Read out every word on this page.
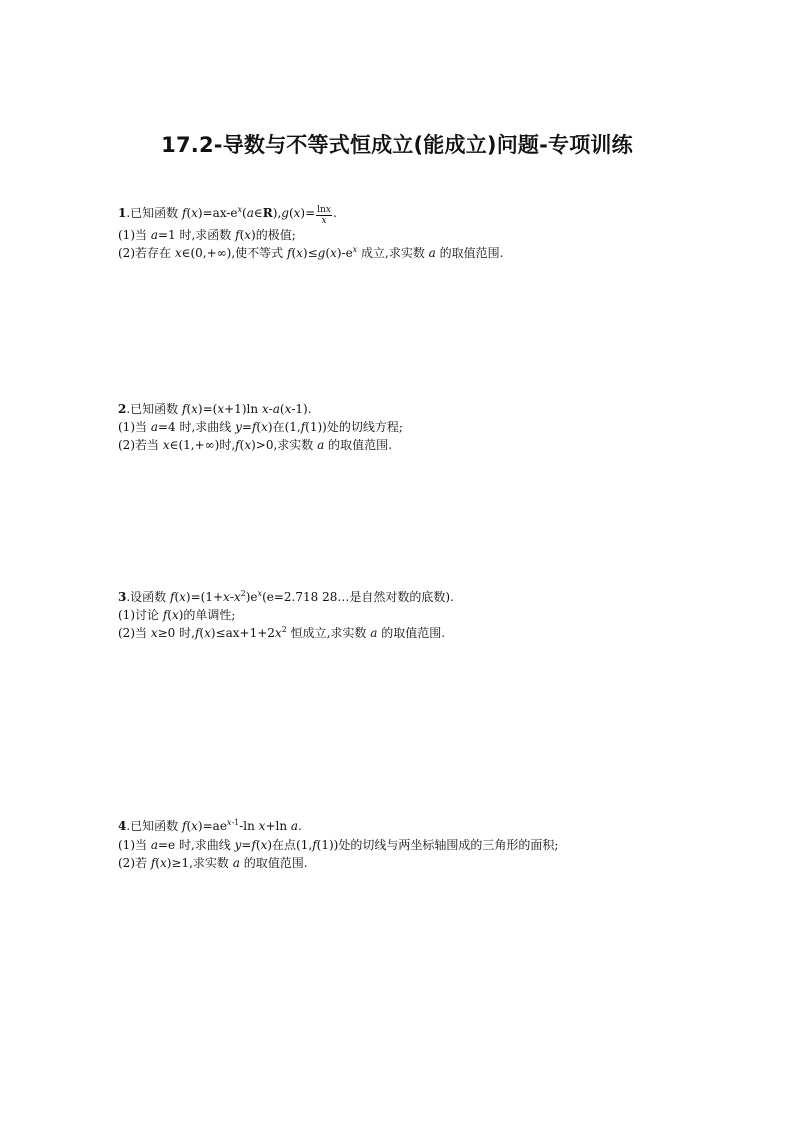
17.2-导数与不等式恒成立(能成立)问题-专项训练
1.已知函数 $f(x)=ax-e^x(a\in R),g(x)= \frac{\ln x}{x}$ .
(1)当 a=1 时,求函数 f(x)的极值;
(2)若存在 x∈(0,+∞),使不等式 $f(x)\le g(x)-e^x$ 成立,求实数 a 的取值范围.
2.已知函数 f(x)=(x+1)ln x-a(x-1).
(1)当 a=4 时,求曲线 y=f(x)在(1,f(1))处的切线方程;
(2)若当 x∈(1,+∞)时,f(x)>0,求实数 a 的取值范围.
3.设函数 $f(x)=(1+x-x^2)e^x(e=2.718$ 28…是自然对数的底数).
(1)讨论 f(x)的单调性;
(2)当 x≥0 时$,f(x)\le ax+1+2x^2$ 恒成立,求实数 a 的取值范围.
4.已知函数 $f(x)=ae^{x-1}-\ln$ x+ln a.
(1)当 a=e 时,求曲线 y=f(x)在点(1,f(1))处的切线与两坐标轴围成的三角形的面积;
(2)若 f(x)≥1,求实数 a 的取值范围.
